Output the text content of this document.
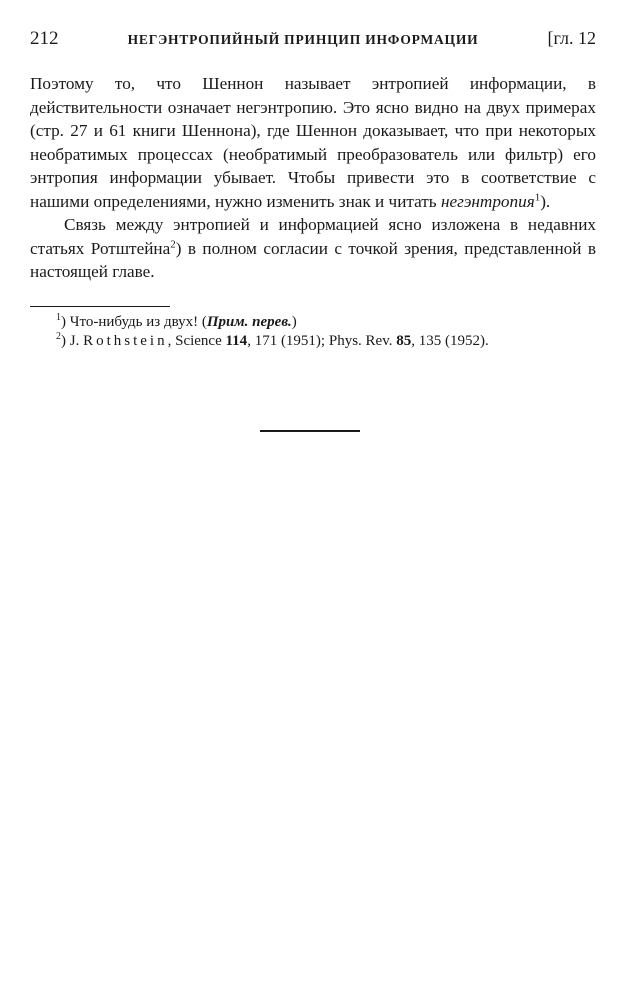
212	НЕГЭНТРОПИЙНЫЙ ПРИНЦИП ИНФОРМАЦИИ	[гл. 12

Поэтому то, что Шеннон называет энтропией информации, в действительности означает негэнтропию. Это ясно видно на двух примерах (стр. 27 и 61 книги Шеннона), где Шеннон доказывает, что при некоторых необратимых процессах (необратимый преобразователь или фильтр) его энтропия информации убывает. Чтобы привести это в соответствие с нашими определениями, нужно изменить знак и читать негэнтропия$^1$).

Связь между энтропией и информацией ясно изложена в недавних статьях Ротштейна$^2$) в полном согласии с точкой зрения, представленной в настоящей главе.

$^1$) Что-нибудь из двух! (Прим. перев.)
$^2$) J. Rothstein, Science 114, 171 (1951); Phys. Rev. 85, 135 (1952).
